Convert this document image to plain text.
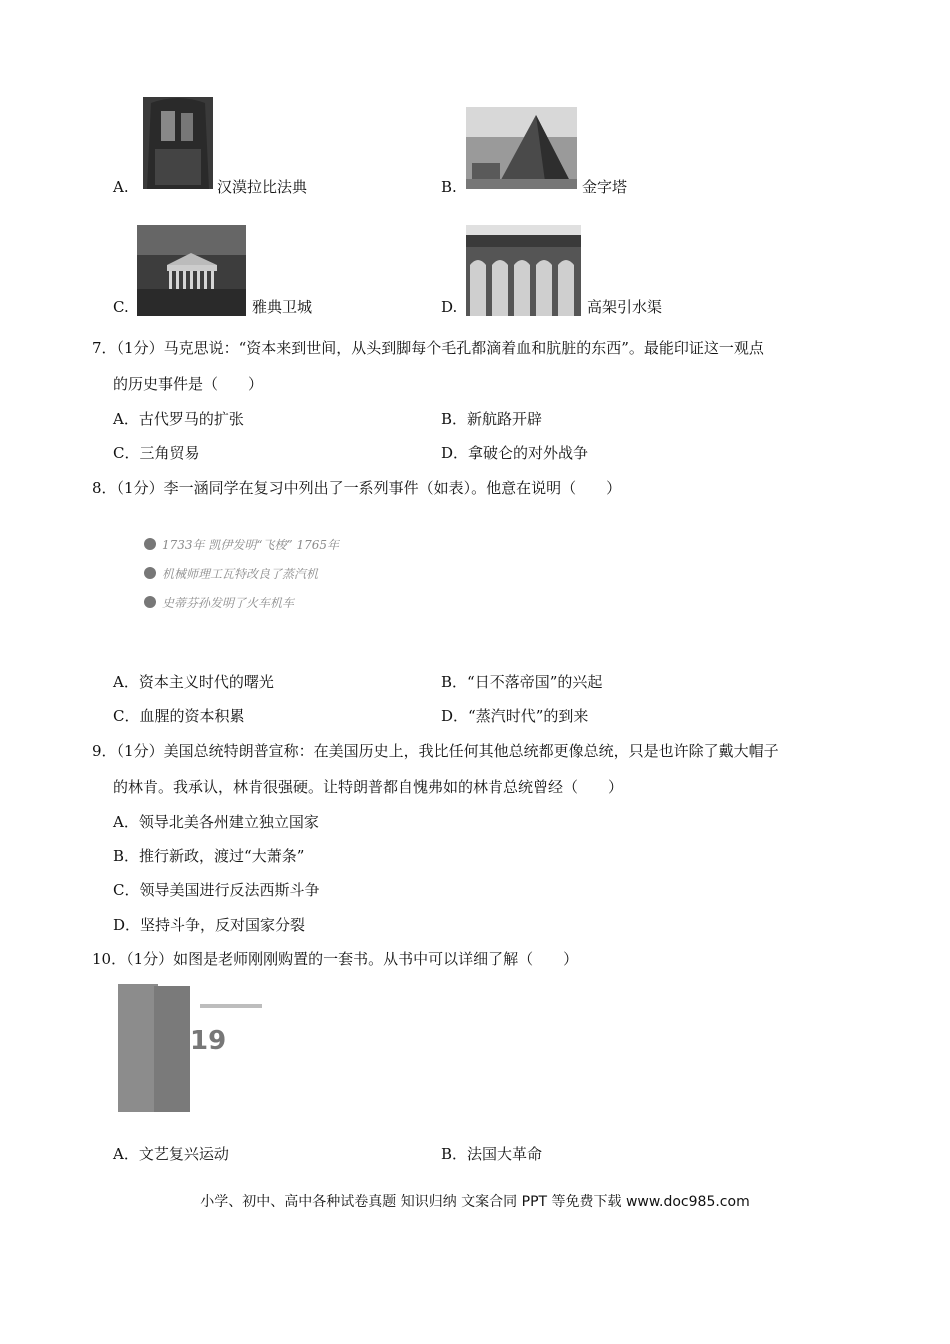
A.	汉漠拉比法典	B.	金字塔
C.	雅典卫城	D.	高架引水渠
7．（1分）马克思说：“资本来到世间，从头到脚每个毛孔都滴着血和肮脏的东西”。最能印证这一观点
的历史事件是（　　）
A．古代罗马的扩张	B．新航路开辟
C．三角贸易	D．拿破仑的对外战争
8．（1分）李一涵同学在复习中列出了一系列事件（如表）。他意在说明（　　）
1733年 凯伊发明“飞梭” 1765年
机械师理工瓦特改良了蒸汽机
史蒂芬孙发明了火车机车
A．资本主义时代的曙光	B．“日不落帝国”的兴起
C．血腥的资本积累	D．“蒸汽时代”的到来
9．（1分）美国总统特朗普宣称：在美国历史上，我比任何其他总统都更像总统，只是也许除了戴大帽子
的林肯。我承认，林肯很强硬。让特朗普都自愧弗如的林肯总统曾经（　　）
A．领导北美各州建立独立国家
B．推行新政，渡过“大萧条”
C．领导美国进行反法西斯斗争
D．坚持斗争，反对国家分裂
10．（1分）如图是老师刚刚购置的一套书。从书中可以详细了解（　　）
19
A．文艺复兴运动	B．法国大革命
小学、初中、高中各种试卷真题 知识归纳 文案合同 PPT 等免费下载 www.doc985.com
